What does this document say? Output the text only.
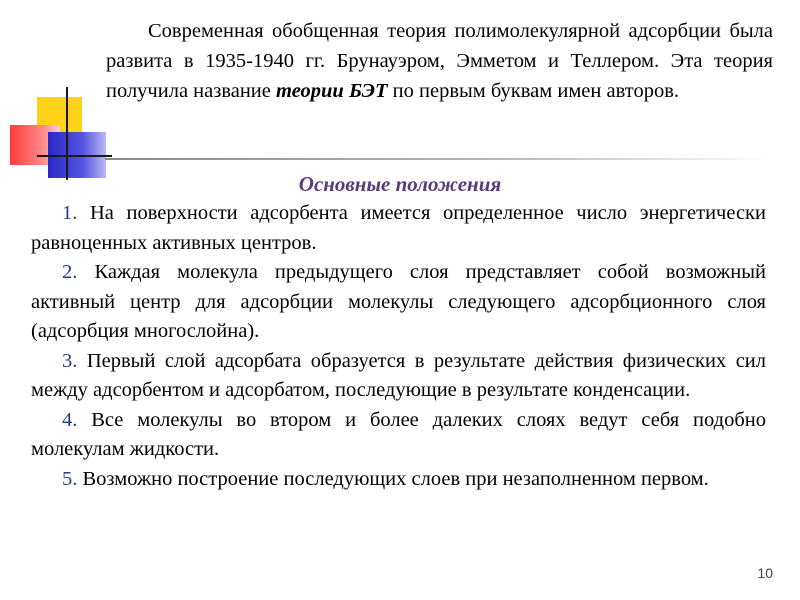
Современная обобщенная теория полимолекулярной адсорбции была развита в 1935-1940 гг. Брунауэром, Эмметом и Теллером. Эта теория получила название теории БЭТ по первым буквам имен авторов.

Основные положения

1. На поверхности адсорбента имеется определенное число энергетически равноценных активных центров.

2. Каждая молекула предыдущего слоя представляет собой возможный активный центр для адсорбции молекулы следующего адсорбционного слоя (адсорбция многослойна).

3. Первый слой адсорбата образуется в результате действия физических сил между адсорбентом и адсорбатом, последующие в результате конденсации.

4. Все молекулы во втором и более далеких слоях ведут себя подобно молекулам жидкости.

5. Возможно построение последующих слоев при незаполненном первом.

10
